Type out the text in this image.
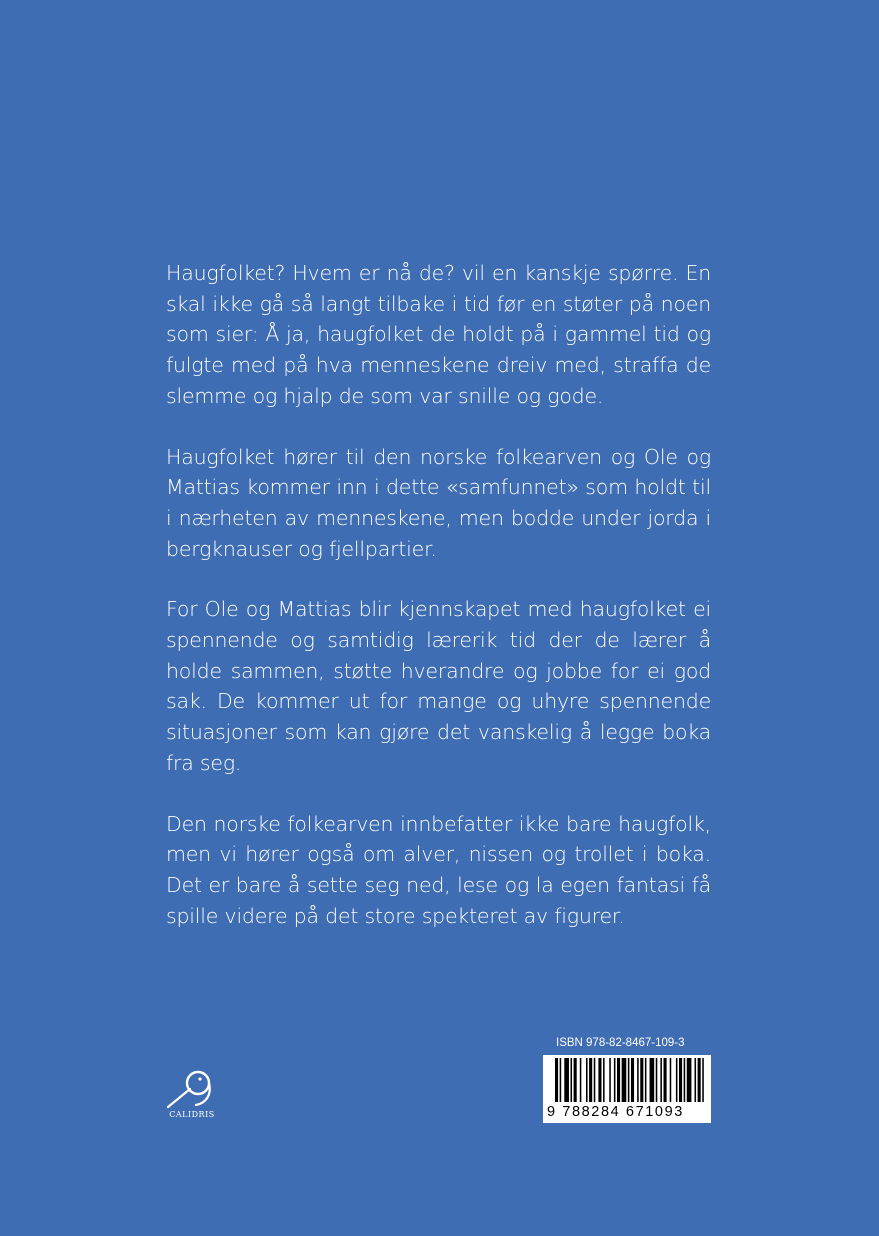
Haugfolket? Hvem er nå de? vil en kanskje spørre. En skal ikke gå så langt tilbake i tid før en støter på noen som sier: Å ja, haugfolket de holdt på i gammel tid og fulgte med på hva menneskene dreiv med, straffa de slemme og hjalp de som var snille og gode.

Haugfolket hører til den norske folkearven og Ole og Mattias kommer inn i dette «samfunnet» som holdt til i nærheten av menneskene, men bodde under jorda i bergknauser og fjellpartier.

For Ole og Mattias blir kjennskapet med haugfolket ei spennende og samtidig lærerik tid der de lærer å holde sammen, støtte hverandre og jobbe for ei god sak. De kommer ut for mange og uhyre spennende situasjoner som kan gjøre det vanskelig å legge boka fra seg.

Den norske folkearven innbefatter ikke bare haugfolk, men vi hører også om alver, nissen og trollet i boka. Det er bare å sette seg ned, lese og la egen fantasi få spille videre på det store spekteret av figurer.

CALIDRIS
ISBN 978-82-8467-109-3
9 788284 671093
